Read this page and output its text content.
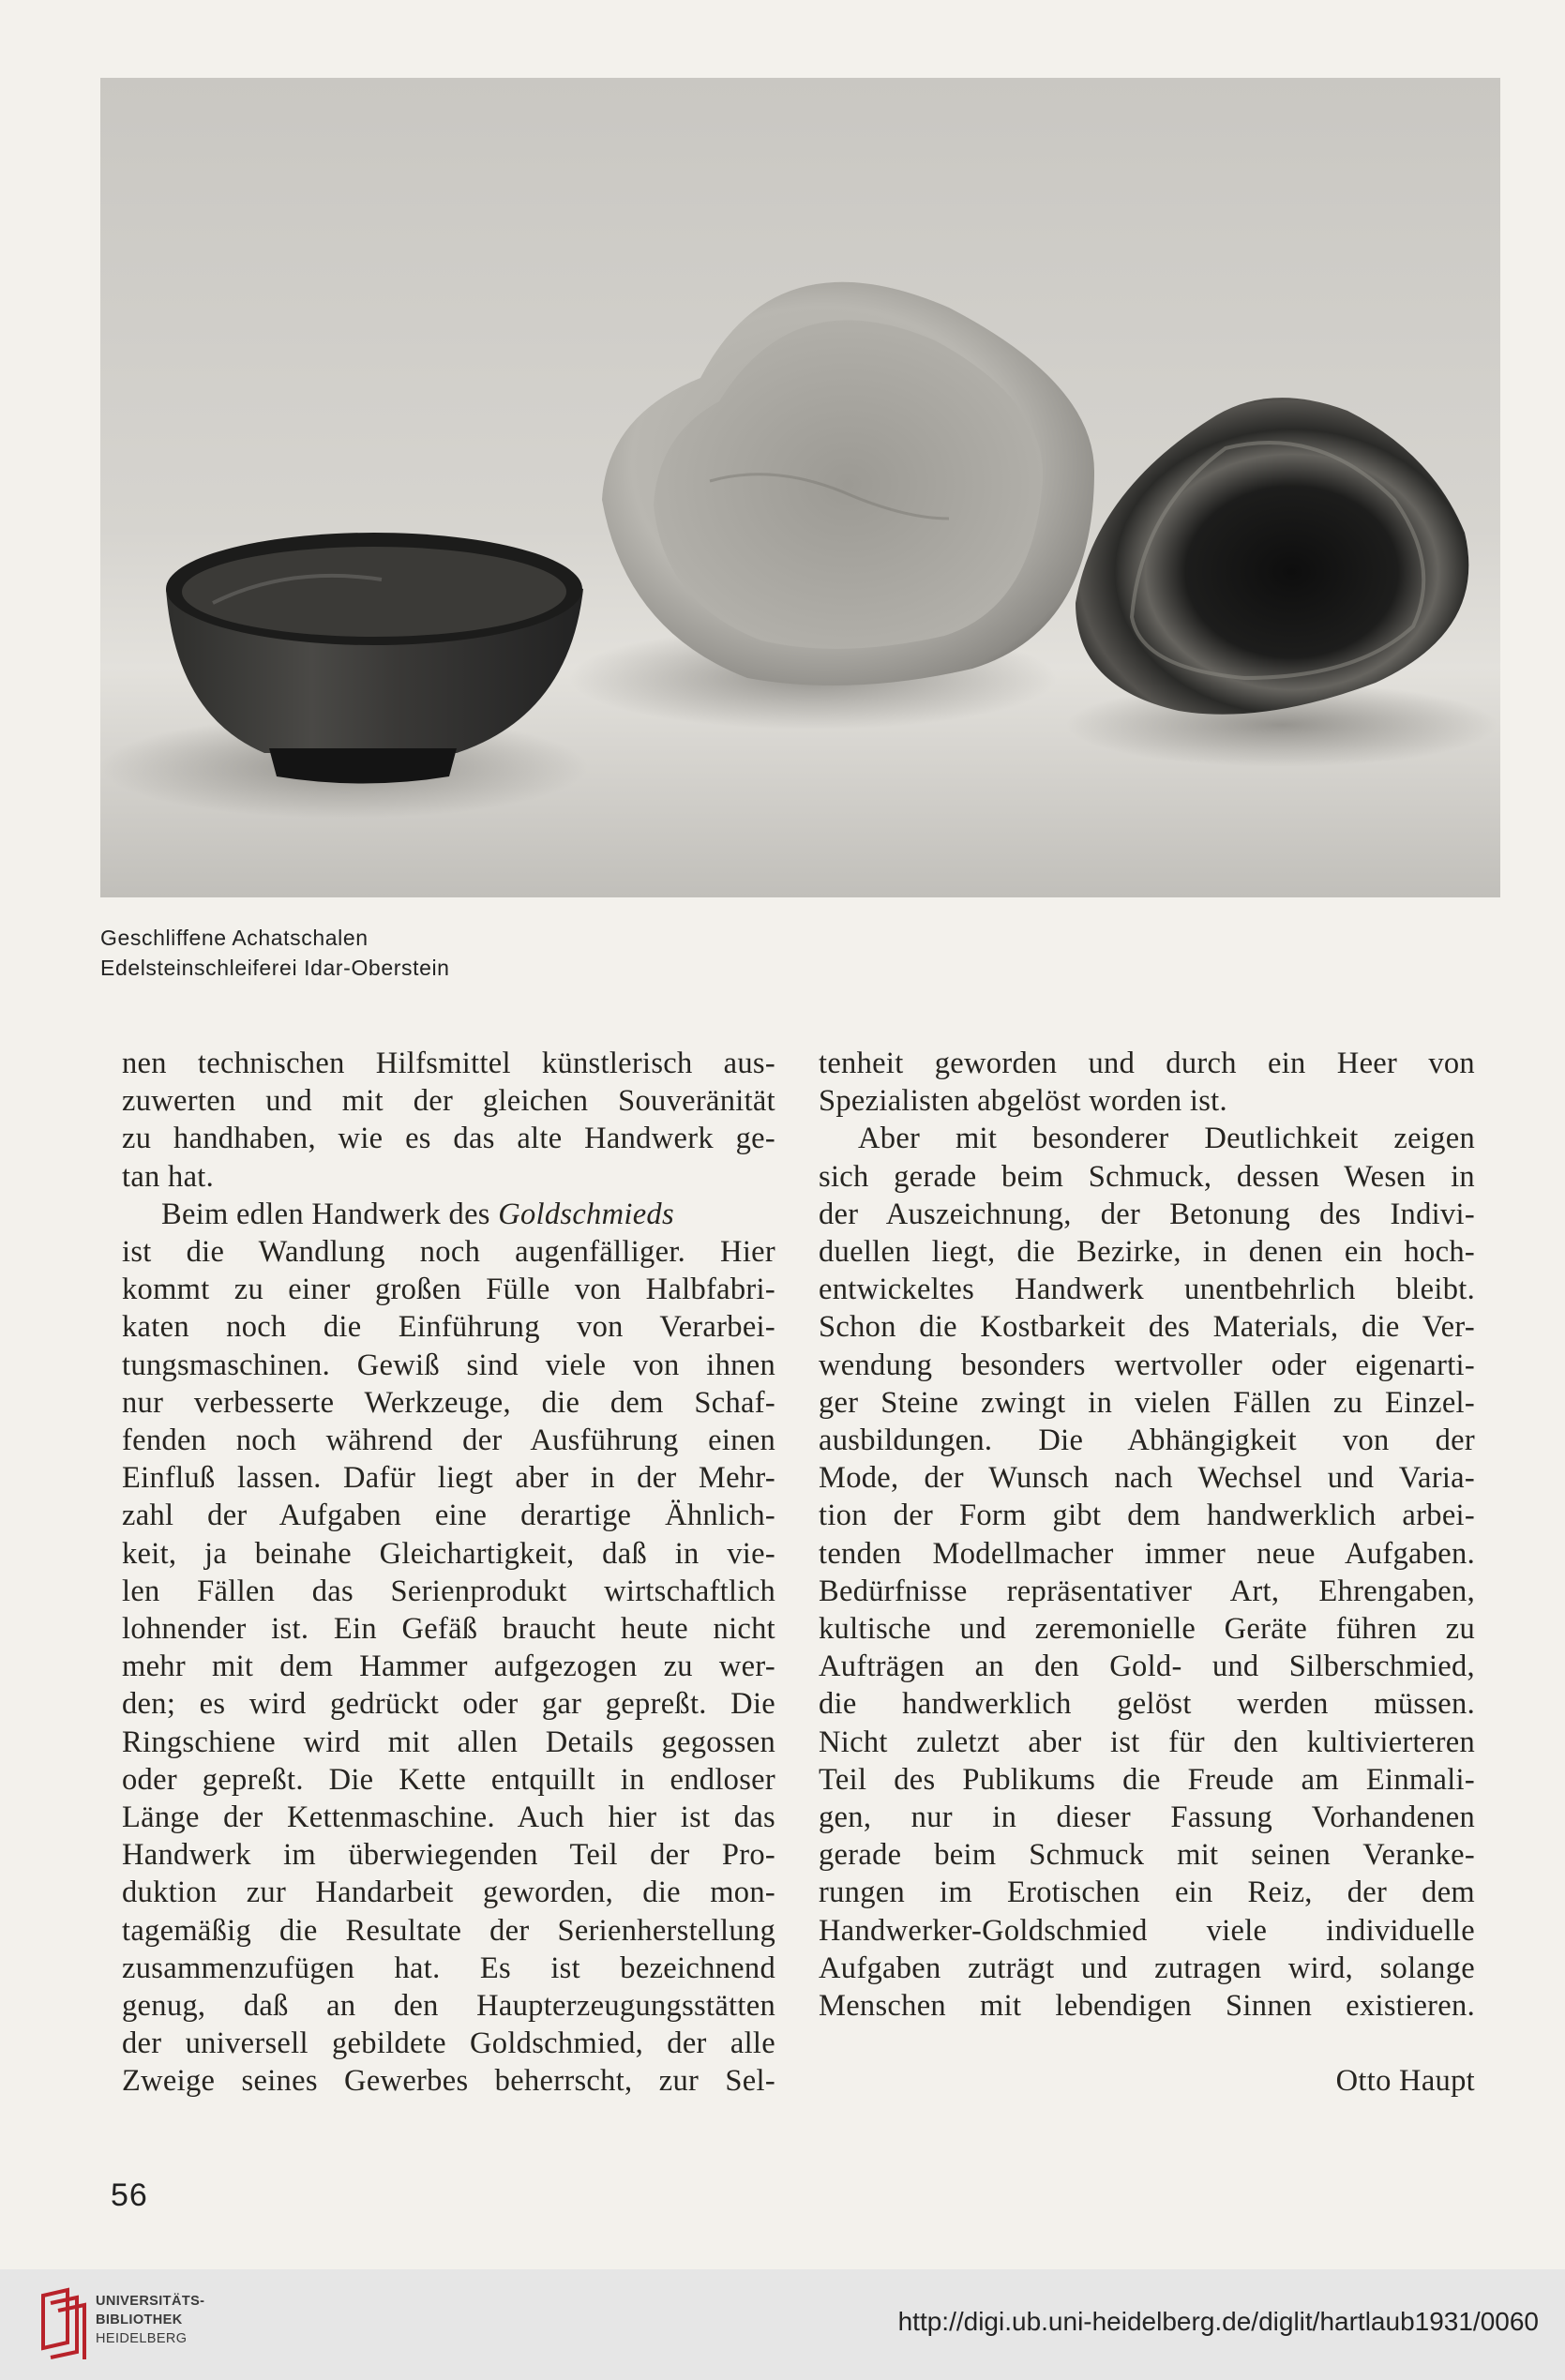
Geschliffene Achatschalen
Edelsteinschleiferei Idar-Oberstein
nen technischen Hilfsmittel künstlerisch aus-
zuwerten und mit der gleichen Souveränität
zu handhaben, wie es das alte Handwerk ge-
tan hat.
Beim edlen Handwerk des Goldschmieds
ist die Wandlung noch augenfälliger. Hier
kommt zu einer großen Fülle von Halbfabri-
katen noch die Einführung von Verarbei-
tungsmaschinen. Gewiß sind viele von ihnen
nur verbesserte Werkzeuge, die dem Schaf-
fenden noch während der Ausführung einen
Einfluß lassen. Dafür liegt aber in der Mehr-
zahl der Aufgaben eine derartige Ähnlich-
keit, ja beinahe Gleichartigkeit, daß in vie-
len Fällen das Serienprodukt wirtschaftlich
lohnender ist. Ein Gefäß braucht heute nicht
mehr mit dem Hammer aufgezogen zu wer-
den; es wird gedrückt oder gar gepreßt. Die
Ringschiene wird mit allen Details gegossen
oder gepreßt. Die Kette entquillt in endloser
Länge der Kettenmaschine. Auch hier ist das
Handwerk im überwiegenden Teil der Pro-
duktion zur Handarbeit geworden, die mon-
tagemäßig die Resultate der Serienherstellung
zusammenzufügen hat. Es ist bezeichnend
genug, daß an den Haupterzeugungsstätten
der universell gebildete Goldschmied, der alle
Zweige seines Gewerbes beherrscht, zur Sel-
tenheit geworden und durch ein Heer von
Spezialisten abgelöst worden ist.
Aber mit besonderer Deutlichkeit zeigen
sich gerade beim Schmuck, dessen Wesen in
der Auszeichnung, der Betonung des Indivi-
duellen liegt, die Bezirke, in denen ein hoch-
entwickeltes Handwerk unentbehrlich bleibt.
Schon die Kostbarkeit des Materials, die Ver-
wendung besonders wertvoller oder eigenarti-
ger Steine zwingt in vielen Fällen zu Einzel-
ausbildungen. Die Abhängigkeit von der
Mode, der Wunsch nach Wechsel und Varia-
tion der Form gibt dem handwerklich arbei-
tenden Modellmacher immer neue Aufgaben.
Bedürfnisse repräsentativer Art, Ehrengaben,
kultische und zeremonielle Geräte führen zu
Aufträgen an den Gold- und Silberschmied,
die handwerklich gelöst werden müssen.
Nicht zuletzt aber ist für den kultivierteren
Teil des Publikums die Freude am Einmali-
gen, nur in dieser Fassung Vorhandenen
gerade beim Schmuck mit seinen Veranke-
rungen im Erotischen ein Reiz, der dem
Handwerker-Goldschmied viele individuelle
Aufgaben zuträgt und zutragen wird, solange
Menschen mit lebendigen Sinnen existieren.
Otto Haupt
56
UNIVERSITÄTS-
BIBLIOTHEK
HEIDELBERG
http://digi.ub.uni-heidelberg.de/diglit/hartlaub1931/0060
